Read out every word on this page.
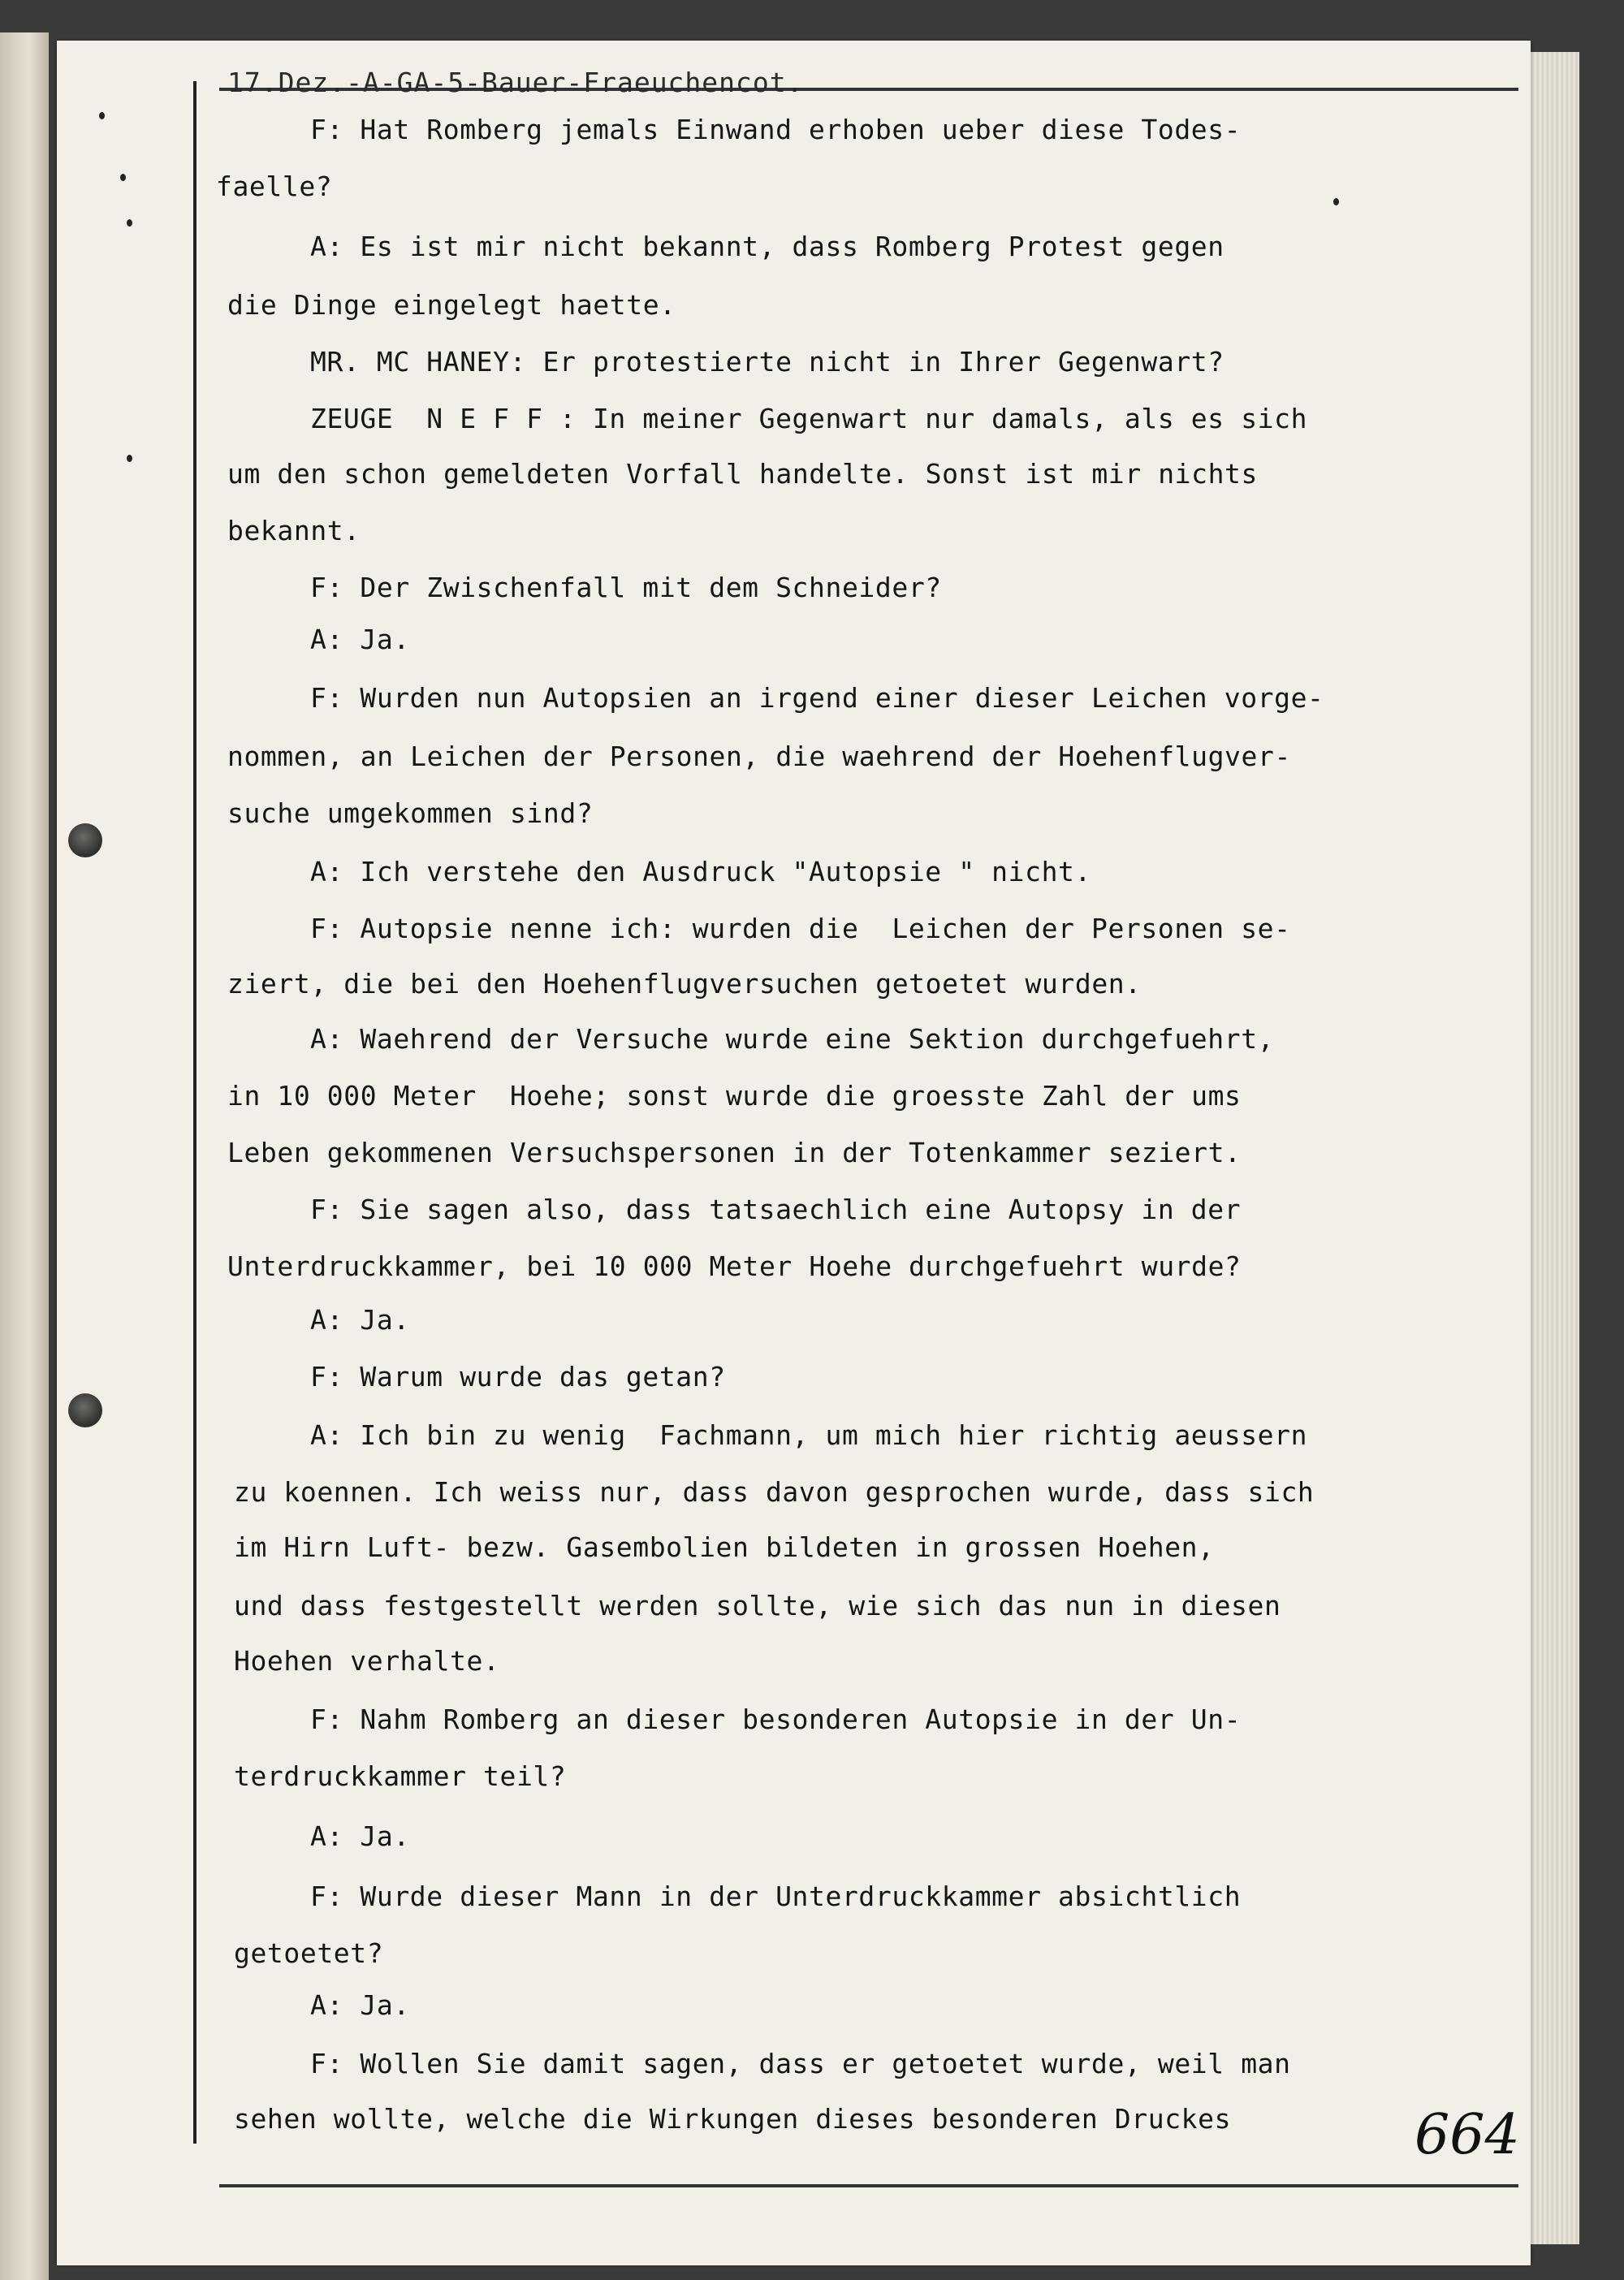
17.Dez.-A-GA-5-Bauer-Fraeuchencot.
F: Hat Romberg jemals Einwand erhoben ueber diese Todes-
faelle?
A: Es ist mir nicht bekannt, dass Romberg Protest gegen
die Dinge eingelegt haette.
MR. MC HANEY: Er protestierte nicht in Ihrer Gegenwart?
ZEUGE  N E F F : In meiner Gegenwart nur damals, als es sich
um den schon gemeldeten Vorfall handelte. Sonst ist mir nichts
bekannt.
F: Der Zwischenfall mit dem Schneider?
A: Ja.
F: Wurden nun Autopsien an irgend einer dieser Leichen vorge-
nommen, an Leichen der Personen, die waehrend der Hoehenflugver-
suche umgekommen sind?
A: Ich verstehe den Ausdruck "Autopsie " nicht.
F: Autopsie nenne ich: wurden die  Leichen der Personen se-
ziert, die bei den Hoehenflugversuchen getoetet wurden.
A: Waehrend der Versuche wurde eine Sektion durchgefuehrt,
in 10 000 Meter  Hoehe; sonst wurde die groesste Zahl der ums
Leben gekommenen Versuchspersonen in der Totenkammer seziert.
F: Sie sagen also, dass tatsaechlich eine Autopsy in der
Unterdruckkammer, bei 10 000 Meter Hoehe durchgefuehrt wurde?
A: Ja.
F: Warum wurde das getan?
A: Ich bin zu wenig  Fachmann, um mich hier richtig aeussern
zu koennen. Ich weiss nur, dass davon gesprochen wurde, dass sich
im Hirn Luft- bezw. Gasembolien bildeten in grossen Hoehen,
und dass festgestellt werden sollte, wie sich das nun in diesen
Hoehen verhalte.
F: Nahm Romberg an dieser besonderen Autopsie in der Un-
terdruckkammer teil?
A: Ja.
F: Wurde dieser Mann in der Unterdruckkammer absichtlich
getoetet?
A: Ja.
F: Wollen Sie damit sagen, dass er getoetet wurde, weil man
sehen wollte, welche die Wirkungen dieses besonderen Druckes	664
